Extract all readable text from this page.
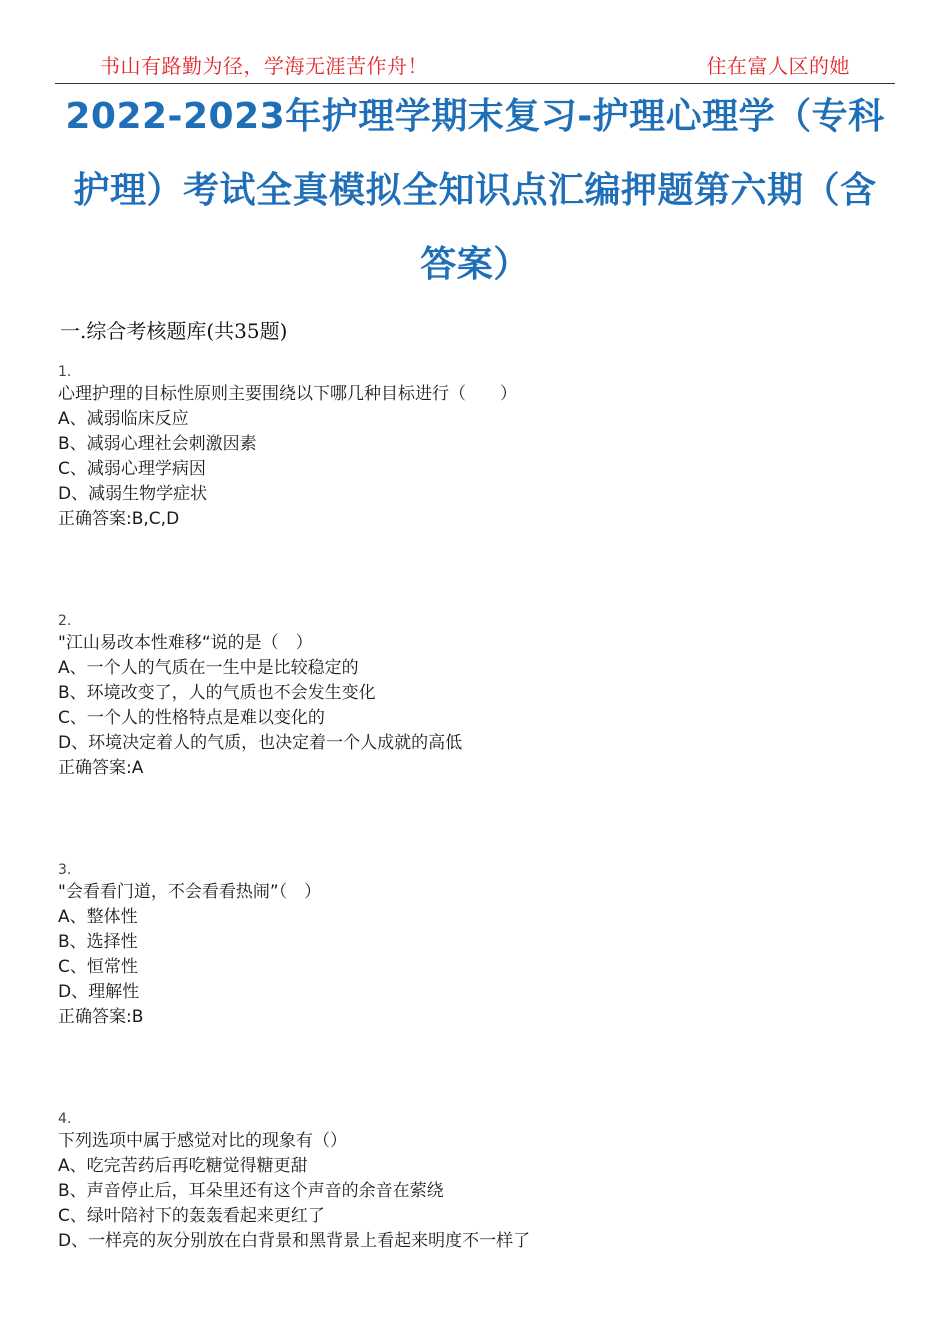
书山有路勤为径，学海无涯苦作舟！	住在富人区的她
2022-2023年护理学期末复习-护理心理学（专科护理）考试全真模拟全知识点汇编押题第六期（含答案）
一.综合考核题库(共35题)
1.
心理护理的目标性原则主要围绕以下哪几种目标进行（　　）
A、减弱临床反应
B、减弱心理社会刺激因素
C、减弱心理学病因
D、减弱生物学症状
正确答案:B,C,D
2.
"江山易改本性难移“说的是（　）
A、一个人的气质在一生中是比较稳定的
B、环境改变了，人的气质也不会发生变化
C、一个人的性格特点是难以变化的
D、环境决定着人的气质，也决定着一个人成就的高低
正确答案:A
3.
"会看看门道，不会看看热闹”（　）
A、整体性
B、选择性
C、恒常性
D、理解性
正确答案:B
4.
下列选项中属于感觉对比的现象有（）
A、吃完苦药后再吃糖觉得糖更甜
B、声音停止后，耳朵里还有这个声音的余音在萦绕
C、绿叶陪衬下的轰轰看起来更红了
D、一样亮的灰分别放在白背景和黑背景上看起来明度不一样了
